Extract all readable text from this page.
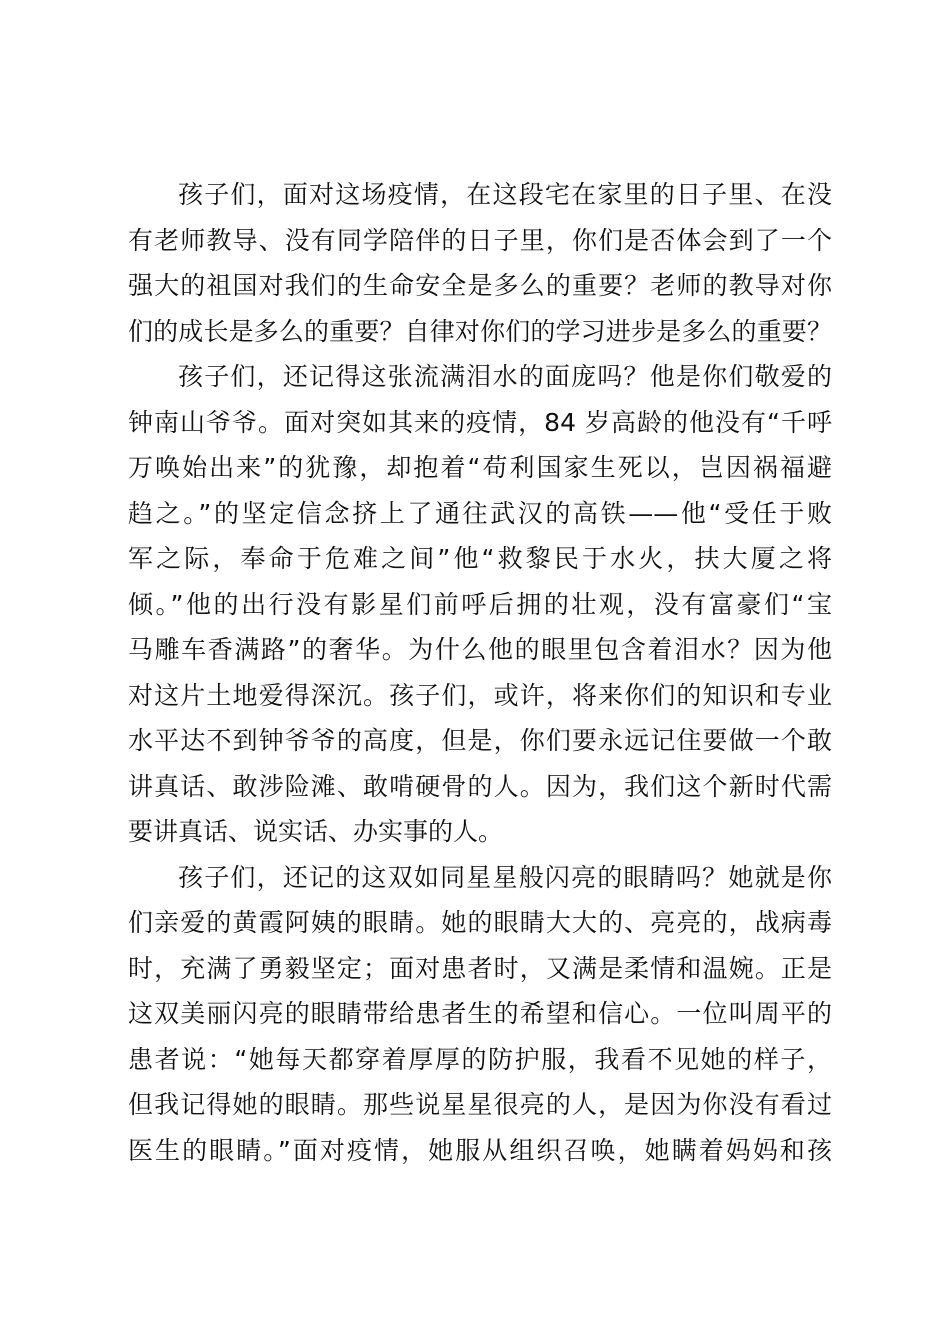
孩子们，面对这场疫情，在这段宅在家里的日子里、在没
有老师教导、没有同学陪伴的日子里，你们是否体会到了一个
强大的祖国对我们的生命安全是多么的重要？老师的教导对你
们的成长是多么的重要？自律对你们的学习进步是多么的重要？
孩子们，还记得这张流满泪水的面庞吗？他是你们敬爱的
钟南山爷爷。面对突如其来的疫情，84 岁高龄的他没有“千呼
万唤始出来”的犹豫，却抱着“苟利国家生死以，岂因祸福避
趋之。”的坚定信念挤上了通往武汉的高铁——他“受任于败
军之际，奉命于危难之间”他“救黎民于水火，扶大厦之将
倾。”他的出行没有影星们前呼后拥的壮观，没有富豪们“宝
马雕车香满路”的奢华。为什么他的眼里包含着泪水？因为他
对这片土地爱得深沉。孩子们，或许，将来你们的知识和专业
水平达不到钟爷爷的高度，但是，你们要永远记住要做一个敢
讲真话、敢涉险滩、敢啃硬骨的人。因为，我们这个新时代需
要讲真话、说实话、办实事的人。
孩子们，还记的这双如同星星般闪亮的眼睛吗？她就是你
们亲爱的黄霞阿姨的眼睛。她的眼睛大大的、亮亮的，战病毒
时，充满了勇毅坚定；面对患者时，又满是柔情和温婉。正是
这双美丽闪亮的眼睛带给患者生的希望和信心。一位叫周平的
患者说：“她每天都穿着厚厚的防护服，我看不见她的样子，
但我记得她的眼睛。那些说星星很亮的人，是因为你没有看过
医生的眼睛。”面对疫情，她服从组织召唤，她瞒着妈妈和孩
